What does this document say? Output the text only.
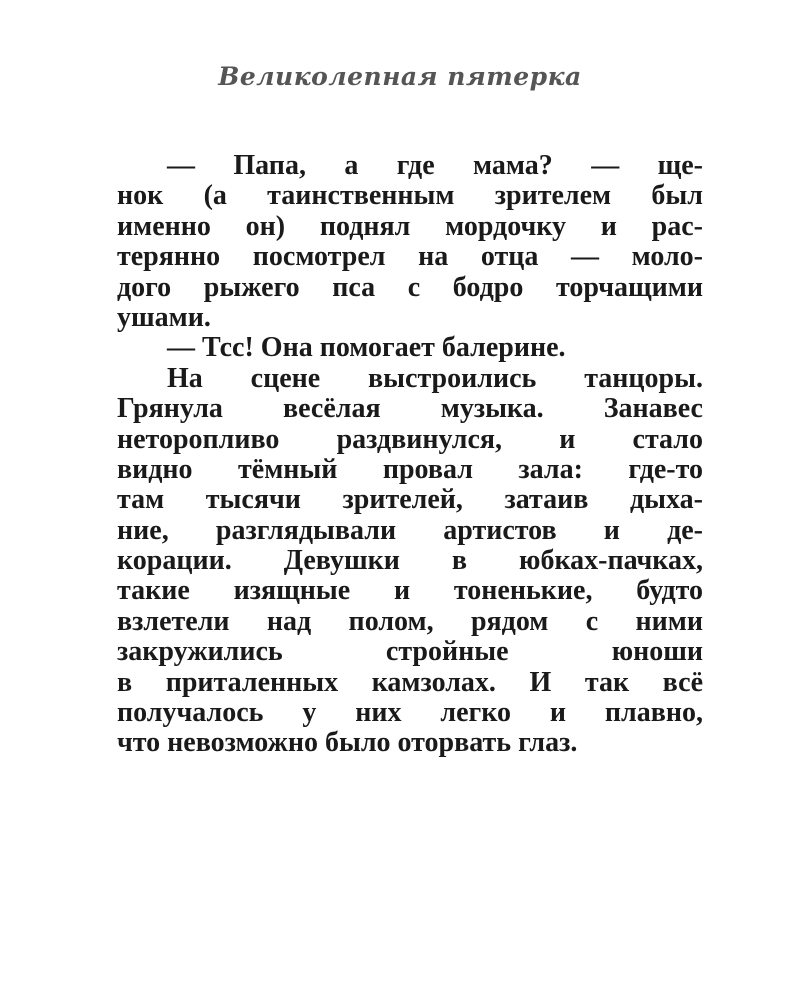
Великолепная пятерка
— Папа, а где мама? — ще-
нок (а таинственным зрителем был
именно он) поднял мордочку и рас-
терянно посмотрел на отца — моло-
дого рыжего пса с бодро торчащими
ушами.
— Тсс! Она помогает балерине.
На сцене выстроились танцоры.
Грянула весёлая музыка. Занавес
неторопливо раздвинулся, и стало
видно тёмный провал зала: где-то
там тысячи зрителей, затаив дыха-
ние, разглядывали артистов и де-
корации. Девушки в юбках-пачках,
такие изящные и тоненькие, будто
взлетели над полом, рядом с ними
закружились стройные юноши
в приталенных камзолах. И так всё
получалось у них легко и плавно,
что невозможно было оторвать глаз.
